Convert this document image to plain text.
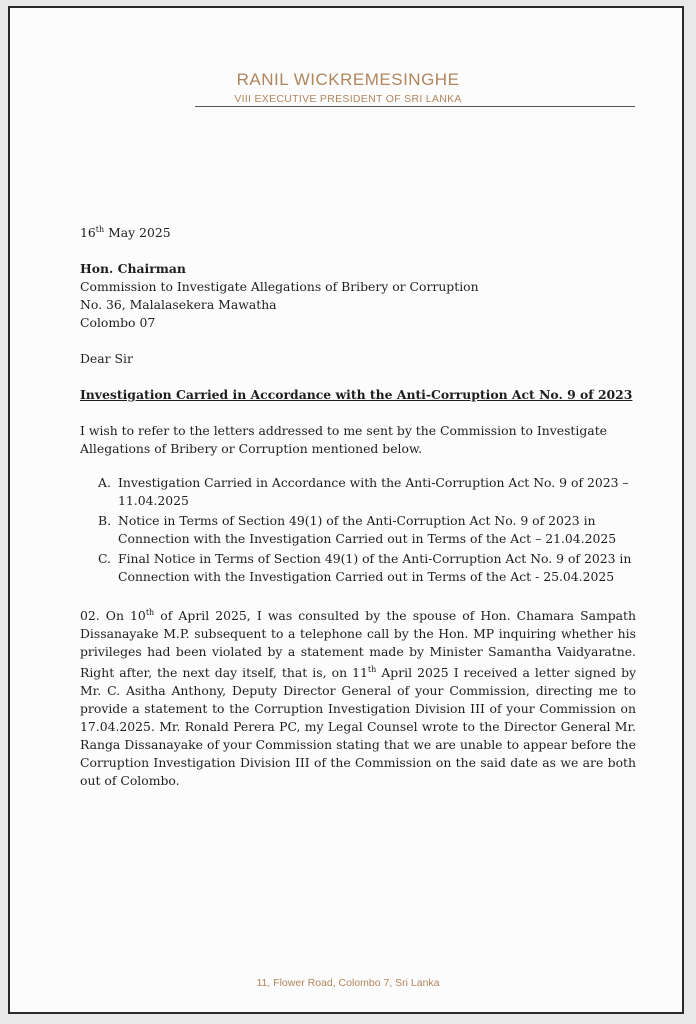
RANIL WICKREMESINGHE
VIII EXECUTIVE PRESIDENT OF SRI LANKA

16th May 2025

Hon. Chairman

Commission to Investigate Allegations of Bribery or Corruption

No. 36, Malalasekera Mawatha

Colombo 07

Dear Sir

Investigation Carried in Accordance with the Anti-Corruption Act No. 9 of 2023

I wish to refer to the letters addressed to me sent by the Commission to Investigate Allegations of Bribery or Corruption mentioned below.

A. Investigation Carried in Accordance with the Anti-Corruption Act No. 9 of 2023 – 11.04.2025
B. Notice in Terms of Section 49(1) of the Anti-Corruption Act No. 9 of 2023 in Connection with the Investigation Carried out in Terms of the Act – 21.04.2025
C. Final Notice in Terms of Section 49(1) of the Anti-Corruption Act No. 9 of 2023 in Connection with the Investigation Carried out in Terms of the Act - 25.04.2025

02. On 10th of April 2025, I was consulted by the spouse of Hon. Chamara Sampath Dissanayake M.P. subsequent to a telephone call by the Hon. MP inquiring whether his privileges had been violated by a statement made by Minister Samantha Vaidyaratne. Right after, the next day itself, that is, on 11th April 2025 I received a letter signed by Mr. C. Asitha Anthony, Deputy Director General of your Commission, directing me to provide a statement to the Corruption Investigation Division III of your Commission on 17.04.2025. Mr. Ronald Perera PC, my Legal Counsel wrote to the Director General Mr. Ranga Dissanayake of your Commission stating that we are unable to appear before the Corruption Investigation Division III of the Commission on the said date as we are both out of Colombo.

11, Flower Road, Colombo 7, Sri Lanka
